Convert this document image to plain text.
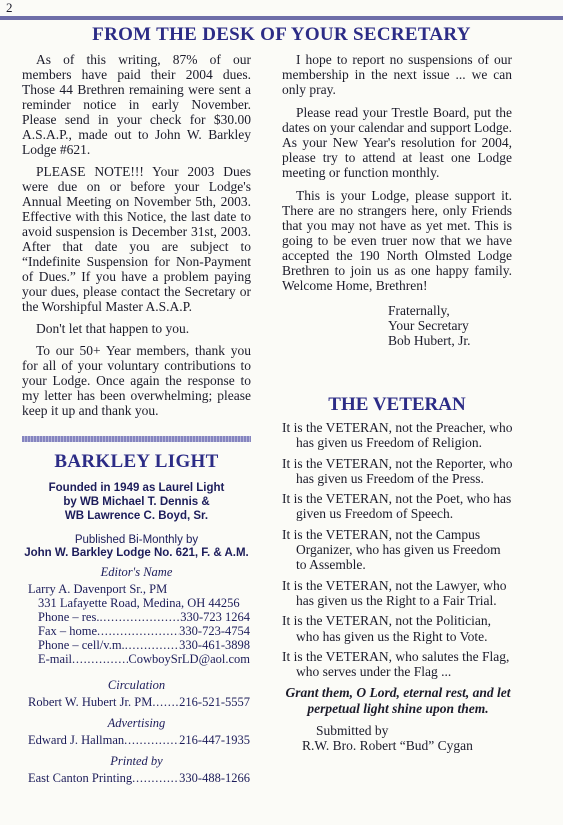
2
FROM THE DESK OF YOUR SECRETARY

As of this writing, 87% of our members have paid their 2004 dues. Those 44 Brethren remaining were sent a reminder notice in early November. Please send in your check for $30.00 A.S.A.P., made out to John W. Barkley Lodge #621.

PLEASE NOTE!!! Your 2003 Dues were due on or before your Lodge's Annual Meeting on November 5th, 2003. Effective with this Notice, the last date to avoid suspension is December 31st, 2003. After that date you are subject to “Indefinite Suspension for Non-Payment of Dues.” If you have a problem paying your dues, please contact the Secretary or the Worshipful Master A.S.A.P.

Don't let that happen to you.

To our 50+ Year members, thank you for all of your voluntary contributions to your Lodge. Once again the response to my letter has been overwhelming; please keep it up and thank you.

I hope to report no suspensions of our membership in the next issue ... we can only pray.

Please read your Trestle Board, put the dates on your calendar and support Lodge. As your New Year's resolution for 2004, please try to attend at least one Lodge meeting or function monthly.

This is your Lodge, please support it. There are no strangers here, only Friends that you may not have as yet met. This is going to be even truer now that we have accepted the 190 North Olmsted Lodge Brethren to join us as one happy family. Welcome Home, Brethren!

Fraternally,
Your Secretary
Bob Hubert, Jr.
THE VETERAN

It is the VETERAN, not the Preacher, who has given us Freedom of Religion.

It is the VETERAN, not the Reporter, who has given us Freedom of the Press.

It is the VETERAN, not the Poet, who has given us Freedom of Speech.

It is the VETERAN, not the Campus Organizer, who has given us Freedom to Assemble.

It is the VETERAN, not the Lawyer, who has given us the Right to a Fair Trial.

It is the VETERAN, not the Politician, who has given us the Right to Vote.

It is the VETERAN, who salutes the Flag, who serves under the Flag ...

Grant them, O Lord, eternal rest, and let perpetual light shine upon them.
Submitted by
R.W. Bro. Robert “Bud” Cygan
BARKLEY LIGHT
Founded in 1949 as Laurel Light
by WB Michael T. Dennis &
WB Lawrence C. Boyd, Sr.
Published Bi-Monthly by
John W. Barkley Lodge No. 621, F. & A.M.
Editor's Name
Larry A. Davenport Sr., PM
331 Lafayette Road, Medina, OH 44256
Phone – res. . . .	330-723 1264
Fax – home . . .	330-723-4754
Phone – cell/v.m. . . .	330-461-3898
E-mail . . .	CowboySrLD@aol.com
Circulation
Robert W. Hubert Jr. PM . . . 216-521-5557
Advertising
Edward J. Hallman . . .	216-447-1935
Printed by
East Canton Printing . . .	330-488-1266
